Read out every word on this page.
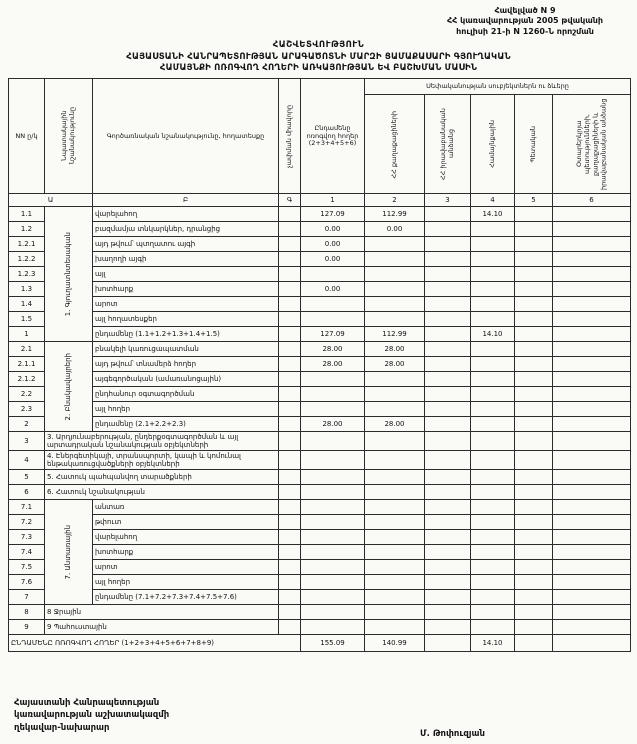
Հավելված N 9
ՀՀ կառավարության 2005 թվականի
հուլիսի 21-ի N 1260-Ն որոշման
ՀԱՇՎԵՏՎՈՒԹՅՈՒՆ
ՀԱՅԱՍՏԱՆԻ ՀԱՆՐԱՊԵՏՈՒԹՅԱՆ ԱՐԱԳԱԾՈՏՆԻ ՄԱՐԶԻ ՑԱՄԱՔԱՍԱՐԻ ԳՅՈՒՂԱԿԱՆ
ՀԱՄԱՅՆՔԻ ՈՌՈԳՎՈՂ ՀՈՂԵՐԻ ԱՌԿԱՅՈՒԹՅԱՆ ԵՎ ԲԱՇԽՄԱՆ ՄԱՍԻՆ
NN ը/կ	Նպատակային նշանակությունը	Գործառնական նշանակությունը, հողատեսքը	չափման միավորը	Ընդամենը ոռոգվող հողեր (2+3+4+5+6)	Սեփականության սուբյեկտներն ու ձևերը				

					ՀՀ քաղաքացիների	ՀՀ իրավաբանական անձանց	Համայնքային	Պետական	Օտարերկրյա պետությունների, քաղաքացիների և իրավաբանական անձանց

Ա		Բ	Գ	1	2	3	4	5	6
1.1	1. Գյուղատնտեսական	վարելահող		127.09	112.99		14.10		
1.2		բազմամյա տնկարկներ, դրանցից		0.00	0.00				
1.2.1		այդ թվում՝ պտղատու այգի		0.00					
1.2.2		խաղողի այգի		0.00					
1.2.3		այլ							
1.3		խոտհարք		0.00					
1.4		արոտ							
1.5		այլ հողատեսքեր							
1		ընդամենը (1.1+1.2+1.3+1.4+1.5)		127.09	112.99		14.10		
2.1	2. Բնակավայրերի	բնակելի կառուցապատման		28.00	28.00				
2.1.1		այդ թվում՝ տնամերձ հողեր		28.00	28.00				
2.1.2		այգեգործական (ամառանոցային)							
2.2		ընդհանուր օգտագործման							
2.3		այլ հողեր							
2		ընդամենը (2.1+2.2+2.3)		28.00	28.00				
3	3. Արդյունաբերության, ընդերքօգտագործման և այլ արտադրական նշանակության օբյեկտների								
4	4. Էներգետիկայի, տրանսպորտի, կապի և կոմունալ ենթակառուցվածքների օբյեկտների								
5	5. Հատուկ պահպանվող տարածքների								
6	6. Հատուկ նշանակության								
7.1	7. Անտառային	անտառ							
7.2		թփուտ							
7.3		վարելահող							
7.4		խոտհարք							
7.5		արոտ							
7.6		այլ հողեր							
7		ընդամենը (7.1+7.2+7.3+7.4+7.5+7.6)							
8	8 Ջրային								
9	9 Պահուստային								
ԸՆԴԱՄԵՆԸ ՈՌՈԳՎՈՂ ՀՈՂԵՐ (1+2+3+4+5+6+7+8+9)				155.09	140.99		14.10		
Հայաստանի Հանրապետության
կառավարության աշխատակազմի
ղեկավար-նախարար
Մ. Թոփուզյան
